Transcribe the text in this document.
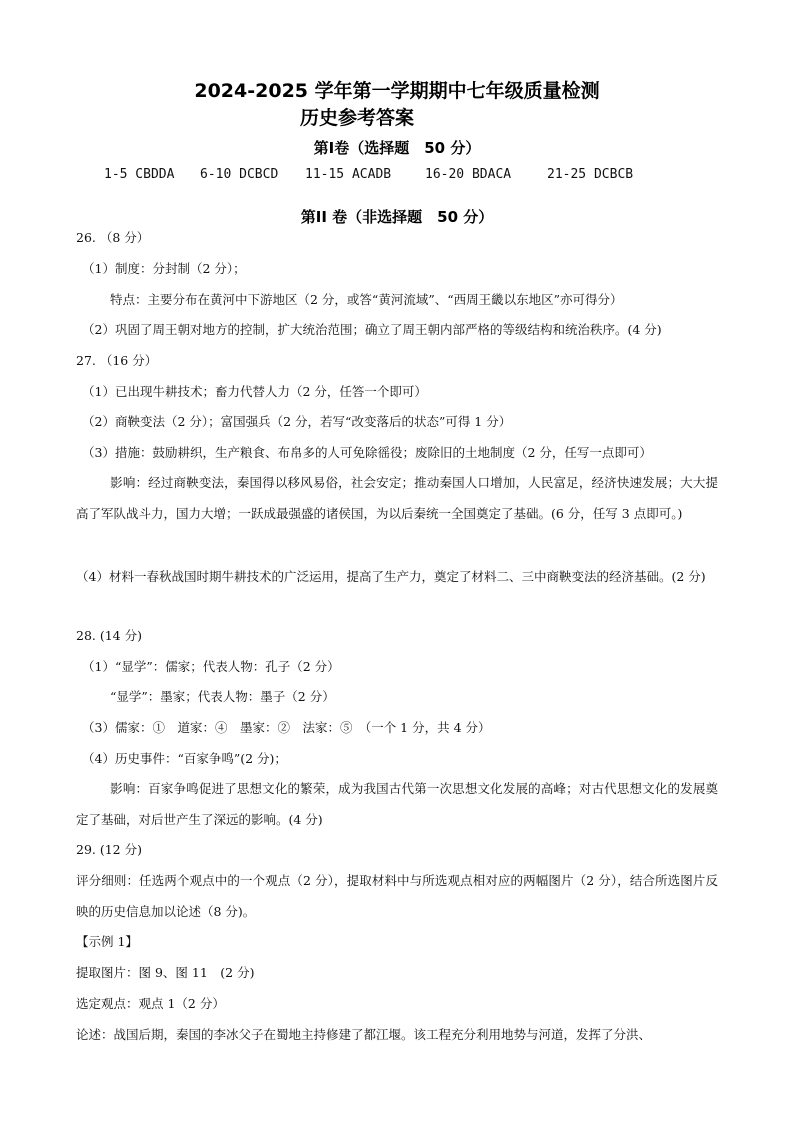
2024-2025 学年第一学期期中七年级质量检测
历史参考答案
第Ⅰ卷（选择题　50 分）
1-5 CBDDA 6-10 DCBCD 11-15 ACADB	16-20 BDACA	21-25 DCBCB
第II 卷（非选择题　50 分）
26. （8 分）
（1）制度：分封制（2 分）；
特点：主要分布在黄河中下游地区（2 分，或答“黄河流域”、“西周王畿以东地区”亦可得分）
（2）巩固了周王朝对地方的控制，扩大统治范围；确立了周王朝内部严格的等级结构和统治秩序。(4 分)
27. （16 分）
（1）已出现牛耕技术；畜力代替人力（2 分，任答一个即可）
（2）商鞅变法（2 分）；富国强兵（2 分，若写“改变落后的状态”可得 1 分）
（3）措施：鼓励耕织，生产粮食、布帛多的人可免除徭役；废除旧的土地制度（2 分，任写一点即可）
影响：经过商鞅变法，秦国得以移风易俗，社会安定；推动秦国人口增加，人民富足，经济快速发展；大大提高了军队战斗力，国力大增；一跃成最强盛的诸侯国，为以后秦统一全国奠定了基础。(6 分，任写 3 点即可。)
（4）材料一春秋战国时期牛耕技术的广泛运用，提高了生产力，奠定了材料二、三中商鞅变法的经济基础。(2 分)
28. (14 分)
（1）“显学”：儒家；代表人物：孔子（2 分）
“显学”：墨家；代表人物：墨子（2 分）
（3）儒家：①　道家：④　墨家：②　法家：⑤　（一个 1 分，共 4 分）
（4）历史事件：“百家争鸣”(2 分)；
影响：百家争鸣促进了思想文化的繁荣，成为我国古代第一次思想文化发展的高峰；对古代思想文化的发展奠定了基础，对后世产生了深远的影响。(4 分)
29. (12 分)
评分细则：任选两个观点中的一个观点（2 分），提取材料中与所选观点相对应的两幅图片（2 分），结合所选图片反映的历史信息加以论述（8 分)。
【示例 1】
提取图片：图 9、图 11　(2 分)
选定观点：观点 1（2 分）
论述：战国后期，秦国的李冰父子在蜀地主持修建了都江堰。该工程充分利用地势与河道，发挥了分洪、
